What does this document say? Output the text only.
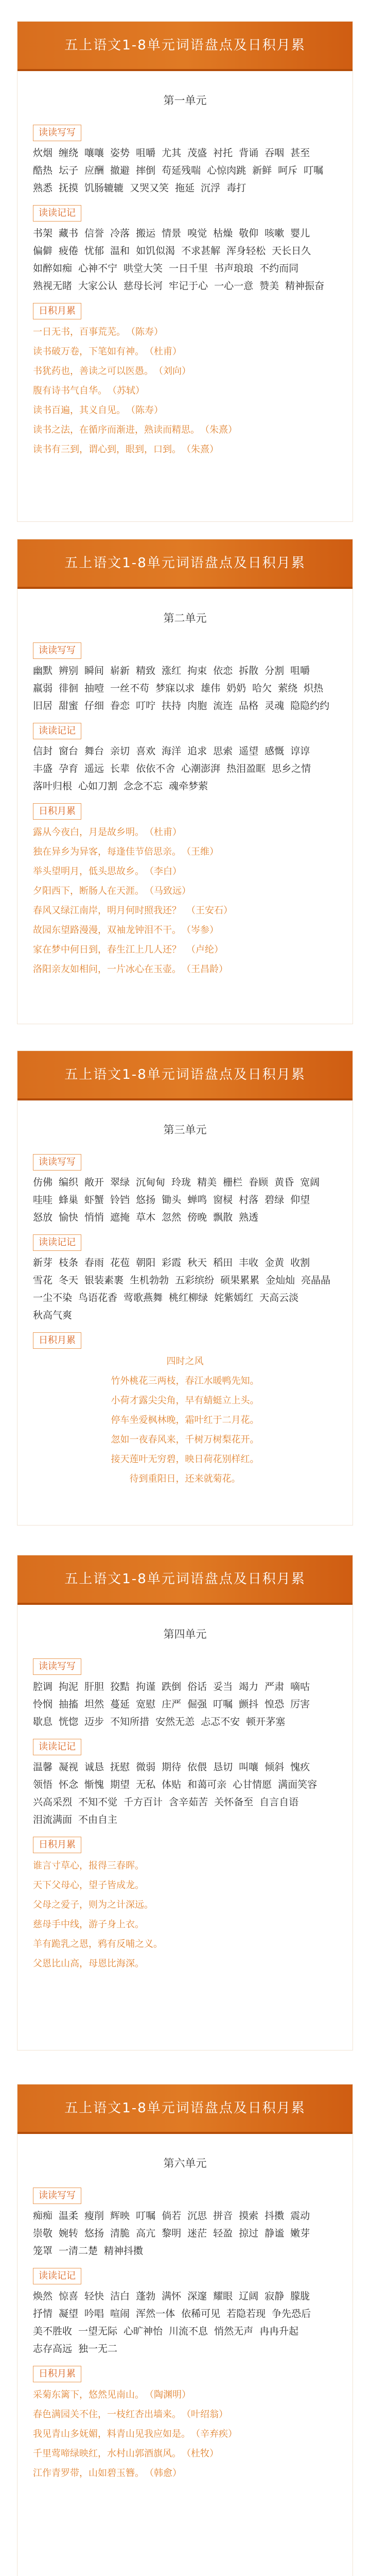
五上语文1-8单元词语盘点及日积月累
第一单元
读读写写
炊烟 缠绕 嚷嚷 姿势 咀嚼 尤其 茂盛 衬托 背诵 吞咽 甚至酷热 坛子 应酬 撤避 摔倒 苟延残喘 心惊肉跳 新鲜 呵斥 叮嘱熟悉 抚摸 饥肠辘辘 又哭又笑 拖延 沉浮 毒打
读读记记
书架 藏书 信誉 冷落 搬运 情景 嗅觉 枯燥 敬仰 咳嗽 婴儿偏僻 疲倦 忧郁 温和 如饥似渴 不求甚解 浑身轻松 天长日久如醉如痴 心神不宁 哄堂大笑 一日千里 书声琅琅 不约而同熟视无睹 大家公认 慈母长河 牢记于心 一心一意 赞美 精神振奋
日积月累
一日无书，百事荒芜。 （陈寿）
读书破万卷，下笔如有神。 （杜甫）
书犹药也，善读之可以医愚。 （刘向）
腹有诗书气自华。 （苏轼）
读书百遍，其义自见。 （陈寿）
读书之法，在循序而渐进，熟读而精思。 （朱熹）
读书有三到，谓心到，眼到，口到。 （朱熹）
五上语文1-8单元词语盘点及日积月累
第二单元
读读写写
幽默 辨别 瞬间 崭新 精致 涨红 拘束 依恋 拆散 分割 咀嚼羸弱 徘徊 抽噎 一丝不苟 梦寐以求 雄伟 奶奶 哈欠 萦绕 炽热旧居 甜蜜 仔细 眷恋 叮咛 扶持 肉胞 流连 品格 灵魂 隐隐约约
读读记记
信封 窗台 舞台 亲切 喜欢 海洋 追求 思索 遥望 感慨 谆谆丰盛 孕育 遥远 长辈 依依不舍 心潮澎湃 热泪盈眶 思乡之情落叶归根 心如刀割 念念不忘 魂牵梦萦
日积月累
露从今夜白，月是故乡明。 （杜甫）
独在异乡为异客，每逢佳节倍思亲。 （王维）
举头望明月，低头思故乡。 （李白）
夕阳西下，断肠人在天涯。 （马致远）
春风又绿江南岸，明月何时照我还？ （王安石）
故园东望路漫漫，双袖龙钟泪不干。 （岑参）
家在梦中何日到，春生江上几人还？ （卢纶）
洛阳亲友如相问，一片冰心在玉壶。 （王昌龄）
五上语文1-8单元词语盘点及日积月累
第三单元
读读写写
仿佛 编织 敞开 翠绿 沉甸甸 玲珑 精美 栅栏 眷顾 黄昏 宽阔哇哇 蜂巢 虾蟹 铃铛 悠扬 锄头 蝉鸣 窗棂 村落 碧绿 仰望怒放 愉快 悄悄 遮掩 草木 忽然 傍晚 飘散 熟透
读读记记
新芽 枝条 春雨 花苞 朝阳 彩霞 秋天 稻田 丰收 金黄 收割雪花 冬天 银装素裹 生机勃勃 五彩缤纷 硕果累累 金灿灿 亮晶晶一尘不染 鸟语花香 莺歌燕舞 桃红柳绿 姹紫嫣红 天高云淡秋高气爽
日积月累
四时之风
竹外桃花三两枝，春江水暖鸭先知。
小荷才露尖尖角，早有蜻蜓立上头。
停车坐爱枫林晚，霜叶红于二月花。
忽如一夜春风来，千树万树梨花开。
接天莲叶无穷碧，映日荷花别样红。
待到重阳日，还来就菊花。
五上语文1-8单元词语盘点及日积月累
第四单元
读读写写
腔调 拘泥 肝胆 狡黠 拘谨 跌倒 俗话 妥当 竭力 严肃 嘀咕怜悯 抽搐 坦然 蔓延 宽慰 庄严 倔强 叮嘱 颤抖 惶恐 厉害歇息 恍惚 迈步 不知所措 安然无恙 忐忑不安 顿开茅塞
读读记记
温馨 凝视 诚恳 抚慰 微弱 期待 依偎 恳切 叫嚷 倾斜 愧疚领悟 怀念 惭愧 期望 无私 体贴 和蔼可亲 心甘情愿 满面笑容兴高采烈 不知不觉 千方百计 含辛茹苦 关怀备至 自言自语泪流满面 不由自主
日积月累
谁言寸草心，报得三春晖。
天下父母心，望子皆成龙。
父母之爱子，则为之计深远。
慈母手中线，游子身上衣。
羊有跪乳之恩，鸦有反哺之义。
父恩比山高，母恩比海深。
五上语文1-8单元词语盘点及日积月累
第六单元
读读写写
痴痴 温柔 瘦削 辉映 叮嘱 倘若 沉思 拼音 摸索 抖擞 震动崇敬 婉转 悠扬 清脆 高亢 黎明 迷茫 轻盈 掠过 静谧 嫩芽笼罩 一清二楚 精神抖擞
读读记记
焕然 惊喜 轻快 洁白 蓬勃 满怀 深邃 耀眼 辽阔 寂静 朦胧抒情 凝望 吟唱 喧闹 浑然一体 依稀可见 若隐若现 争先恐后美不胜收 一望无际 心旷神怡 川流不息 悄然无声 冉冉升起志存高远 独一无二
日积月累
采菊东篱下，悠然见南山。 （陶渊明）
春色满园关不住，一枝红杏出墙来。 （叶绍翁）
我见青山多妩媚，料青山见我应如是。 （辛弃疾）
千里莺啼绿映红，水村山郭酒旗风。 （杜牧）
江作青罗带，山如碧玉簪。 （韩愈）
